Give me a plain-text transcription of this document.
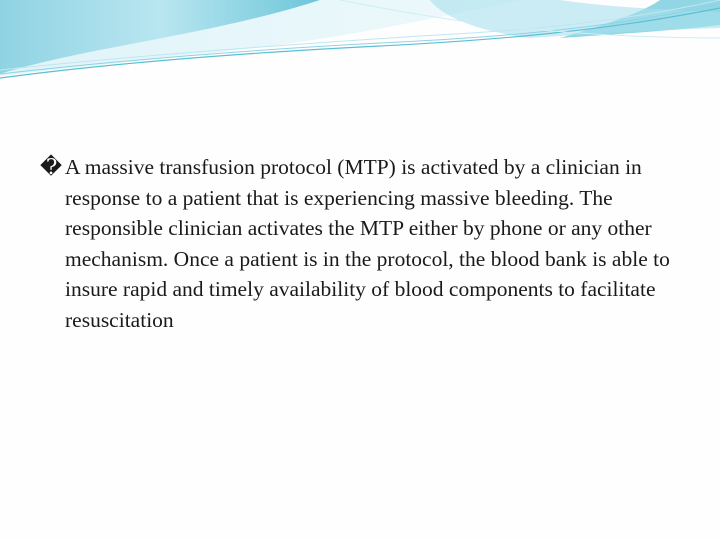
� A massive transfusion protocol (MTP) is activated by a clinician in response to a patient that is experiencing massive bleeding. The responsible clinician activates the MTP either by phone or any other mechanism. Once a patient is in the protocol, the blood bank is able to insure rapid and timely availability of blood components to facilitate resuscitation
